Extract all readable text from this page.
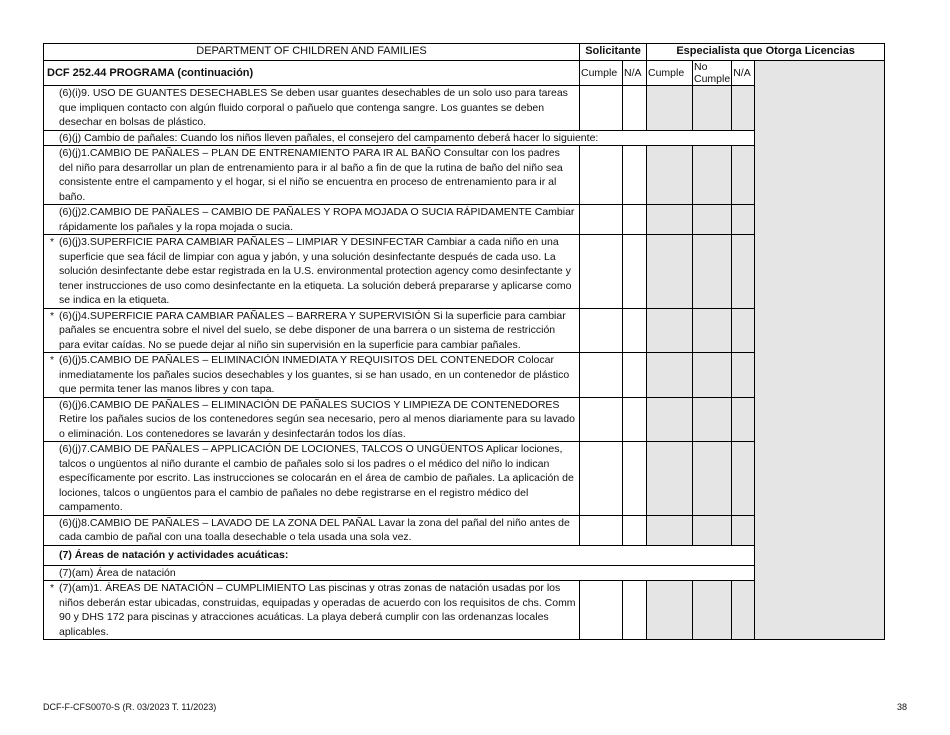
DEPARTMENT OF CHILDREN AND FAMILIES	Solicitante		Especialista que Otorga Licencias			
DCF 252.44 PROGRAMA (continuación)	Cumple	N/A	Cumple	No Cumple	N/A	

(6)(i)9. USO DE GUANTES DESECHABLES Se deben usar guantes desechables de un solo uso para tareas que impliquen contacto con algún fluido corporal o pañuelo que contenga sangre. Los guantes se deben desechar en bolsas de plástico.						
(6)(j) Cambio de pañales: Cuando los niños lleven pañales, el consejero del campamento deberá hacer lo siguiente:						

(6)(j)1.CAMBIO DE PAÑALES – PLAN DE ENTRENAMIENTO PARA IR AL BAÑO Consultar con los padres del niño para desarrollar un plan de entrenamiento para ir al baño a fin de que la rutina de baño del niño sea consistente entre el campamento y el hogar, si el niño se encuentra en proceso de entrenamiento para ir al baño.						

(6)(j)2.CAMBIO DE PAÑALES – CAMBIO DE PAÑALES Y ROPA MOJADA O SUCIA RÁPIDAMENTE Cambiar rápidamente los pañales y la ropa mojada o sucia.						

* (6)(j)3.SUPERFICIE PARA CAMBIAR PAÑALES – LIMPIAR Y DESINFECTAR Cambiar a cada niño en una superficie que sea fácil de limpiar con agua y jabón, y una solución desinfectante después de cada uso. La solución desinfectante debe estar registrada en la U.S. environmental protection agency como desinfectante y tener instrucciones de uso como desinfectante en la etiqueta. La solución deberá prepararse y aplicarse como se indica en la etiqueta.						

* (6)(j)4.SUPERFICIE PARA CAMBIAR PAÑALES – BARRERA Y SUPERVISIÓN Si la superficie para cambiar pañales se encuentra sobre el nivel del suelo, se debe disponer de una barrera o un sistema de restricción para evitar caídas. No se puede dejar al niño sin supervisión en la superficie para cambiar pañales.						

* (6)(j)5.CAMBIO DE PAÑALES – ELIMINACIÓN INMEDIATA Y REQUISITOS DEL CONTENEDOR Colocar inmediatamente los pañales sucios desechables y los guantes, si se han usado, en un contenedor de plástico que permita tener las manos libres y con tapa.						

(6)(j)6.CAMBIO DE PAÑALES – ELIMINACIÓN DE PAÑALES SUCIOS Y LIMPIEZA DE CONTENEDORES Retire los pañales sucios de los contenedores según sea necesario, pero al menos diariamente para su lavado o eliminación. Los contenedores se lavarán y desinfectarán todos los días.						

(6)(j)7.CAMBIO DE PAÑALES – APPLICACIÓN DE LOCIONES, TALCOS O UNGÜENTOS Aplicar lociones, talcos o ungüentos al niño durante el cambio de pañales solo si los padres o el médico del niño lo indican específicamente por escrito. Las instrucciones se colocarán en el área de cambio de pañales. La aplicación de lociones, talcos o ungüentos para el cambio de pañales no debe registrarse en el registro médico del campamento.						

(6)(j)8.CAMBIO DE PAÑALES – LAVADO DE LA ZONA DEL PAÑAL Lavar la zona del pañal del niño antes de cada cambio de pañal con una toalla desechable o tela usada una sola vez.						
(7) Áreas de natación y actividades acuáticas:						
(7)(am) Área de natación						

* (7)(am)1. ÁREAS DE NATACIÓN – CUMPLIMIENTO Las piscinas y otras zonas de natación usadas por los niños deberán estar ubicadas, construidas, equipadas y operadas de acuerdo con los requisitos de chs. Comm 90 y DHS 172 para piscinas y atracciones acuáticas. La playa deberá cumplir con las ordenanzas locales aplicables.						
DCF-F-CFS0070-S (R. 03/2023 T. 11/2023)	38
